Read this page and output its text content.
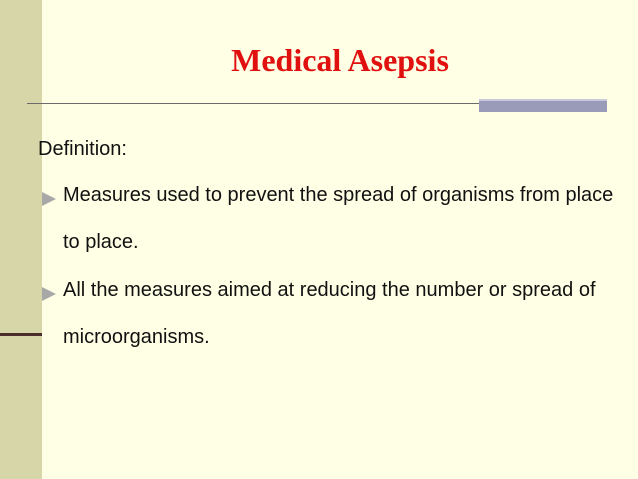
Medical Asepsis
Definition:
Measures used to prevent the spread of organisms from place to place.
All the measures aimed at reducing the number or spread of microorganisms.
